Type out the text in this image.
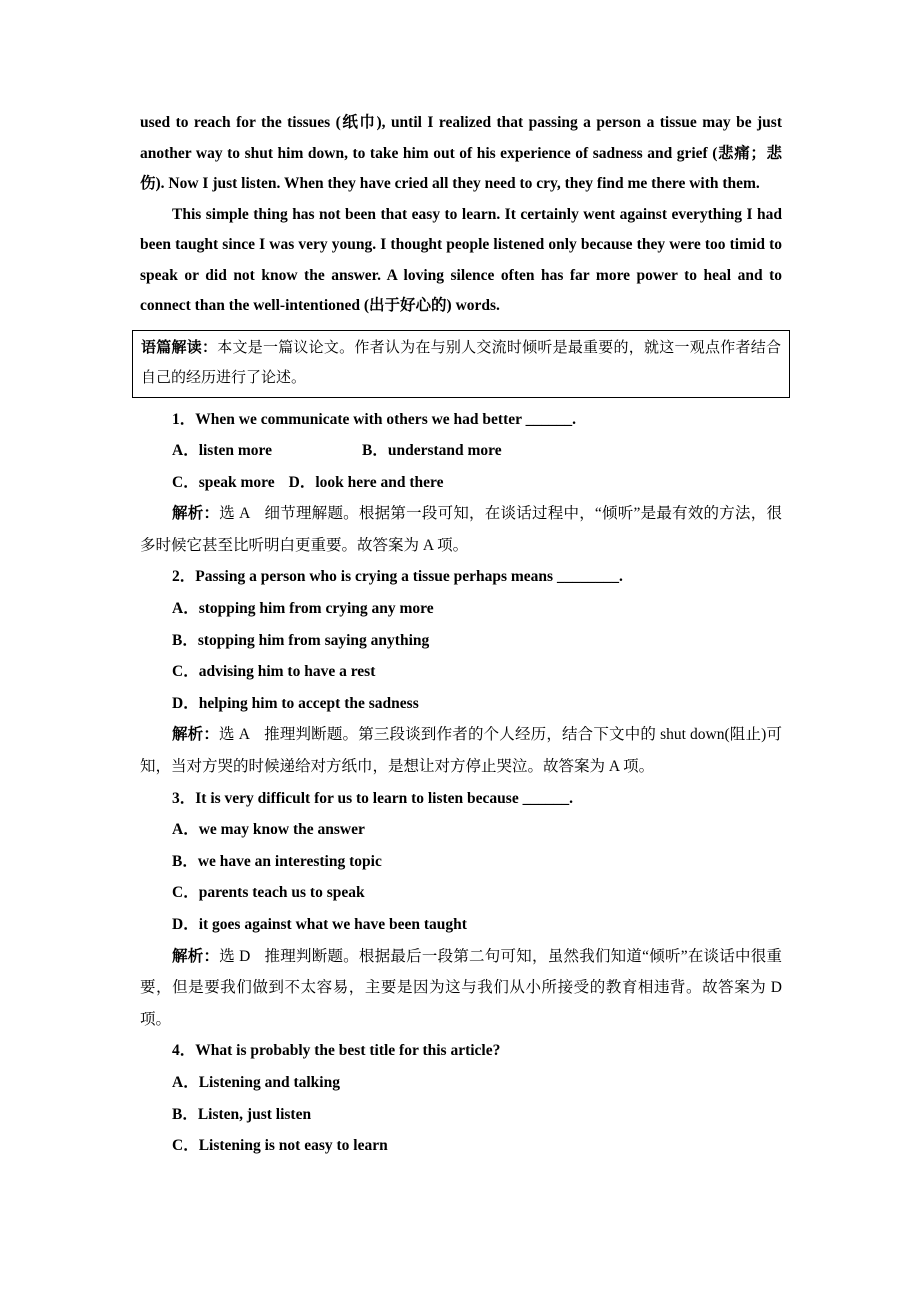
used to reach for the tissues (纸巾), until I realized that passing a person a tissue may be just another way to shut him down, to take him out of his experience of sadness and grief (悲痛；悲伤). Now I just listen. When they have cried all they need to cry, they find me there with them.

This simple thing has not been that easy to learn. It certainly went against everything I had been taught since I was very young. I thought people listened only because they were too timid to speak or did not know the answer. A loving silence often has far more power to heal and to connect than the well-intentioned (出于好心的) words.

语篇解读：本文是一篇议论文。作者认为在与别人交流时倾听是最重要的，就这一观点作者结合自己的经历进行了论述。

1．When we communicate with others we had better ______.

A．listen more	B．understand more
C．speak more D．look here and there

解析：选 A 细节理解题。根据第一段可知，在谈话过程中，“倾听”是最有效的方法，很多时候它甚至比听明白更重要。故答案为 A 项。

2．Passing a person who is crying a tissue perhaps means ________.

A．stopping him from crying any more

B．stopping him from saying anything

C．advising him to have a rest

D．helping him to accept the sadness

解析：选 A 推理判断题。第三段谈到作者的个人经历，结合下文中的 shut down(阻止)可知，当对方哭的时候递给对方纸巾，是想让对方停止哭泣。故答案为 A 项。

3．It is very difficult for us to learn to listen because ______.

A．we may know the answer

B．we have an interesting topic

C．parents teach us to speak

D．it goes against what we have been taught

解析：选 D 推理判断题。根据最后一段第二句可知，虽然我们知道“倾听”在谈话中很重要，但是要我们做到不太容易，主要是因为这与我们从小所接受的教育相违背。故答案为 D 项。

4．What is probably the best title for this article?

A．Listening and talking

B．Listen, just listen

C．Listening is not easy to learn
